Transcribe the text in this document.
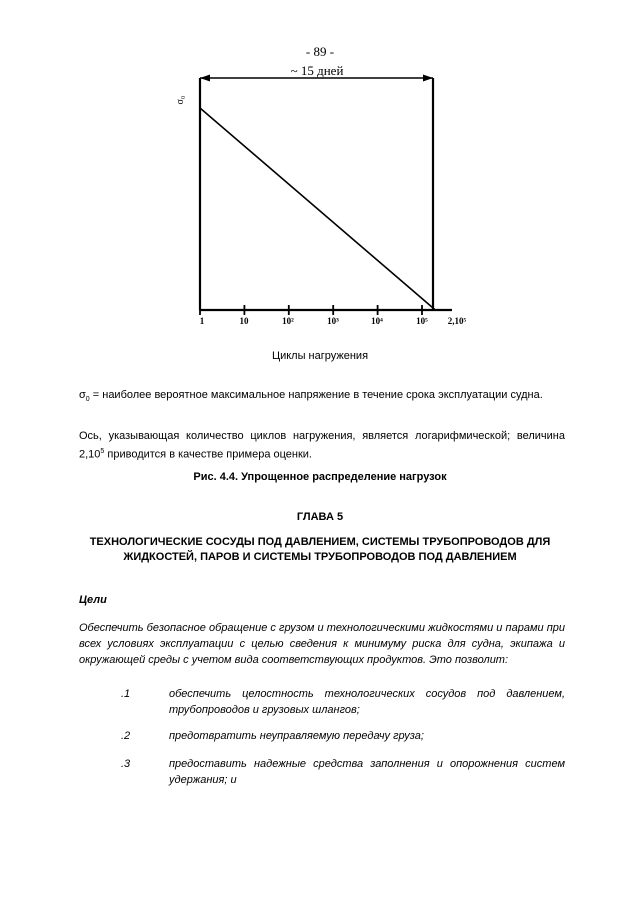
- 89 -
~ 15 дней
σ₀
1	10	10²	10³	10⁴	10⁵ 2,10⁵
Циклы нагружения
$\sigma_0$ = наиболее вероятное максимальное напряжение в течение срока эксплуатации судна.
Ось, указывающая количество циклов нагружения, является логарифмической; величина 2,10$^5$ приводится в качестве примера оценки.
Рис. 4.4. Упрощенное распределение нагрузок
ГЛАВА 5
ТЕХНОЛОГИЧЕСКИЕ СОСУДЫ ПОД ДАВЛЕНИЕМ, СИСТЕМЫ ТРУБОПРОВОДОВ ДЛЯ ЖИДКОСТЕЙ, ПАРОВ И СИСТЕМЫ ТРУБОПРОВОДОВ ПОД ДАВЛЕНИЕМ
Цели
Обеспечить безопасное обращение с грузом и технологическими жидкостями и парами при всех условиях эксплуатации с целью сведения к минимуму риска для судна, экипажа и окружающей среды с учетом вида соответствующих продуктов. Это позволит:
.1	обеспечить целостность технологических сосудов под давлением, трубопроводов и грузовых шлангов;
.2	предотвратить неуправляемую передачу груза;
.3	предоставить надежные средства заполнения и опорожнения систем удержания; и
